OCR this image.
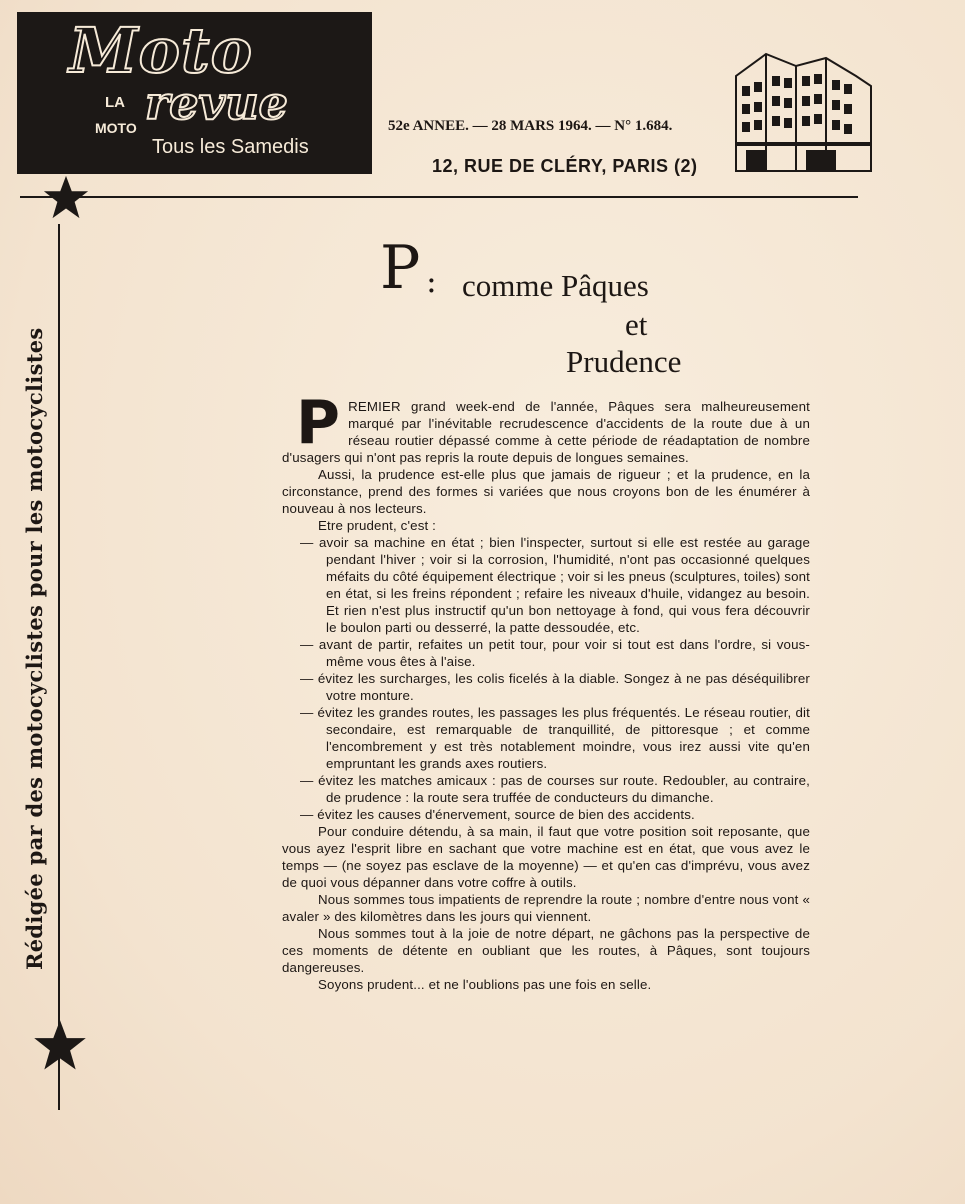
Moto
LA
MOTO revue
Tous les Samedis
52e ANNEE. — 28 MARS 1964. — N° 1.684.
12, RUE DE CLÉRY, PARIS (2)
Rédigée par des motocyclistes pour les motocyclistes
P : comme Pâques
et
Prudence

PREMIER grand week-end de l'année, Pâques sera malheureusement marqué par l'inévitable recrudescence d'accidents de la route due à un réseau routier dépassé comme à cette période de réadaptation de nombre d'usagers qui n'ont pas repris la route depuis de longues semaines.

Aussi, la prudence est-elle plus que jamais de rigueur ; et la prudence, en la circonstance, prend des formes si variées que nous croyons bon de les énumérer à nouveau à nos lecteurs.

Etre prudent, c'est :

— avoir sa machine en état ; bien l'inspecter, surtout si elle est restée au garage pendant l'hiver ; voir si la corrosion, l'humidité, n'ont pas occasionné quelques méfaits du côté équipement électrique ; voir si les pneus (sculptures, toiles) sont en état, si les freins répondent ; refaire les niveaux d'huile, vidangez au besoin. Et rien n'est plus instructif qu'un bon nettoyage à fond, qui vous fera découvrir le boulon parti ou desserré, la patte dessoudée, etc.

— avant de partir, refaites un petit tour, pour voir si tout est dans l'ordre, si vous-même vous êtes à l'aise.

— évitez les surcharges, les colis ficelés à la diable. Songez à ne pas déséquilibrer votre monture.

— évitez les grandes routes, les passages les plus fréquentés. Le réseau routier, dit secondaire, est remarquable de tranquillité, de pittoresque ; et comme l'encombrement y est très notablement moindre, vous irez aussi vite qu'en empruntant les grands axes routiers.

— évitez les matches amicaux : pas de courses sur route. Redoubler, au contraire, de prudence : la route sera truffée de conducteurs du dimanche.

— évitez les causes d'énervement, source de bien des accidents.

Pour conduire détendu, à sa main, il faut que votre position soit reposante, que vous ayez l'esprit libre en sachant que votre machine est en état, que vous avez le temps — (ne soyez pas esclave de la moyenne) — et qu'en cas d'imprévu, vous avez de quoi vous dépanner dans votre coffre à outils.

Nous sommes tous impatients de reprendre la route ; nombre d'entre nous vont « avaler » des kilomètres dans les jours qui viennent.

Nous sommes tout à la joie de notre départ, ne gâchons pas la perspective de ces moments de détente en oubliant que les routes, à Pâques, sont toujours dangereuses.

Soyons prudent... et ne l'oublions pas une fois en selle.
